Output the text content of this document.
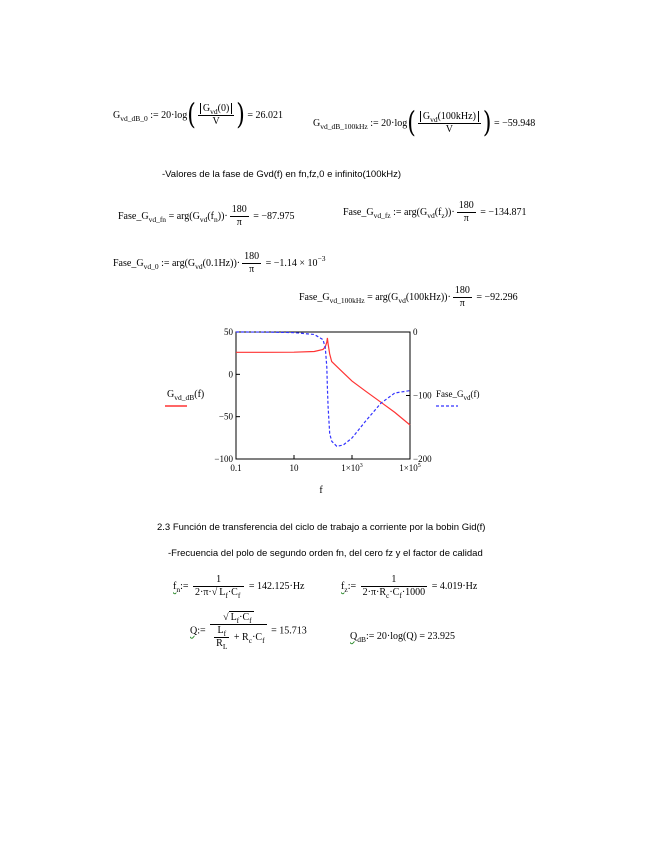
$G_{vd\_dB\_0}$ := $20\cdot\log( \frac{G_{vd}(0)}{V}$ ) = 26.021
$G_{vd\_dB\_100kHz}$ := $20\cdot\log( \frac{G_{vd}(100kHz)}{V}$ ) = −59.948
-Valores de la fase de Gvd(f) en fn,fz,0 e infinito(100kHz)
$Fase\_G_{vd\_fn} = arg(G_{vd}(f_n))\cdot \frac{180}{\pi} = -87.975$	$Fase\_G_{vd\_fz}$ := $arg(G_{vd}(f_z))\cdot \frac{180}{\pi} = -134.871$
$Fase\_G_{vd\_0}$ := $arg(G_{vd}(0.1Hz))\cdot \frac{180}{\pi} = -1.14 \times 10^{-3}$
$Fase\_G_{vd\_100kHz} = arg(G_{vd}(100kHz))\cdot \frac{180}{\pi} = -92.296$
50
0
−50
−100
0
−100
−200
0.1	10	$1\times 10^3$	$1\times 10^5$
$G_{vd\_dB}(f)$	$Fase\_G_{vd}(f)$
f
2.3 Función de transferencia del ciclo de trabajo a corriente por la bobin Gid(f)
-Frecuencia del polo de segundo orden fn, del cero fz y el factor de calidad
$f_n:= \frac{1}{2\cdot\pi\cdot√ L_f\cdot C_f} = 142.125\cdot Hz$	$f_z:= \frac{1}{2\cdot\pi\cdot R_c\cdot C_f\cdot 1000} = 4.019\cdot Hz$
Q:= $\frac{√ L_f\cdot C_f}{\frac{L_f}{R_L} + R_c\cdot C_f} = 15.713$
$Q_{dB}:= 20\cdot\log(Q) = 23.925$
